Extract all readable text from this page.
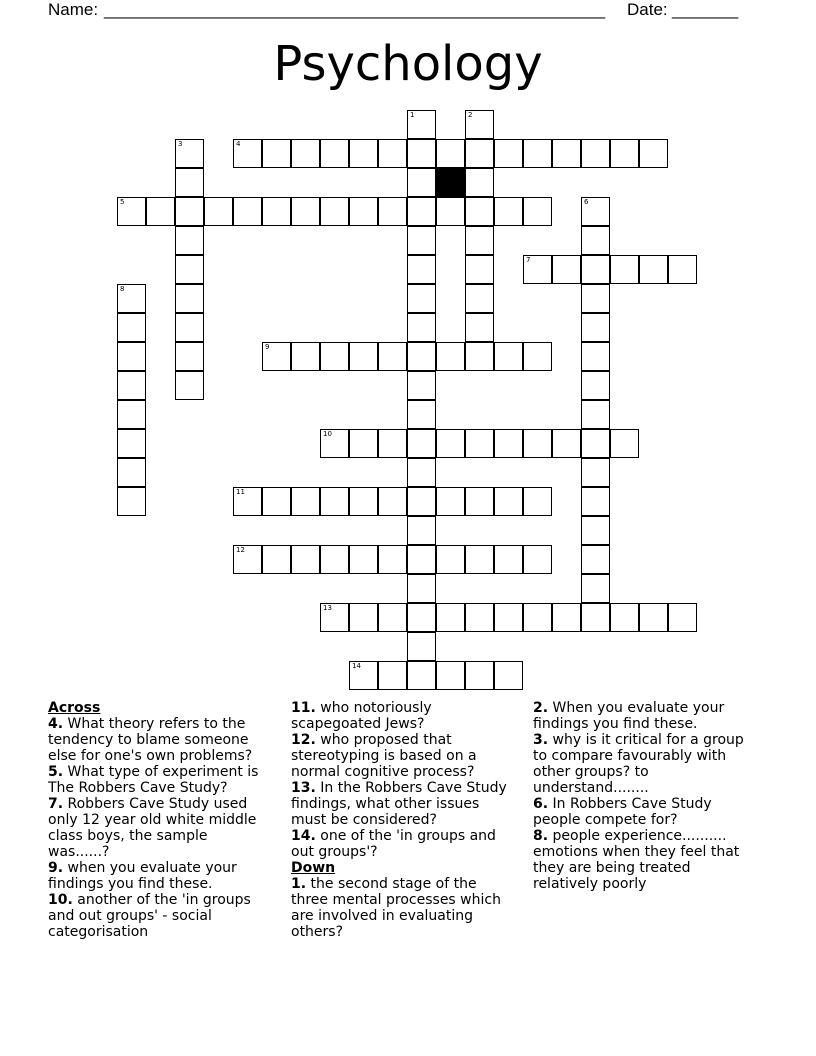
Name: _____________________________________________________ Date: _______
Psychology
1	2
3	4
5	6
7
8
9
10
11
12
13
14
Across
4. What theory refers to the tendency to blame someone else for one's own problems?
5. What type of experiment is The Robbers Cave Study?
7. Robbers Cave Study used only 12 year old white middle class boys, the sample was......?
9. when you evaluate your findings you find these.
10. another of the 'in groups and out groups' - social categorisation
11. who notoriously scapegoated Jews?
12. who proposed that stereotyping is based on a normal cognitive process?
13. In the Robbers Cave Study findings, what other issues must be considered?
14. one of the 'in groups and out groups'?
Down
1. the second stage of the three mental processes which are involved in evaluating others?
2. When you evaluate your findings you find these.
3. why is it critical for a group to compare favourably with other groups? to understand........
6. In Robbers Cave Study people compete for?
8. people experience.......... emotions when they feel that they are being treated relatively poorly
